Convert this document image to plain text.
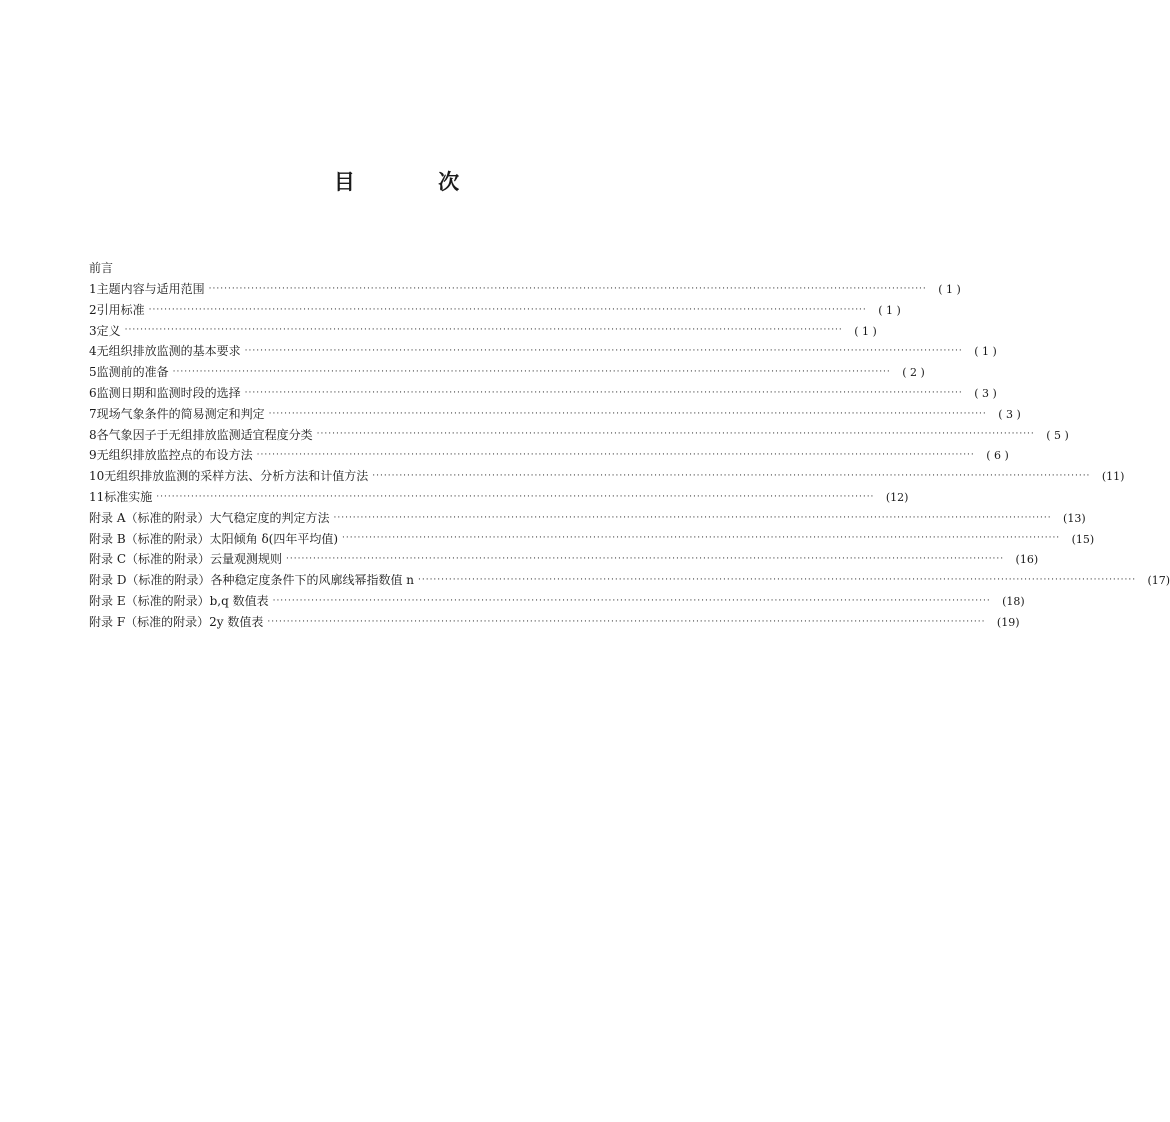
目 次
前言
1 主题内容与适用范围 ··························································································································································································	( 1 )
2 引用标准 ··························································································································································································	( 1 )
3 定义 ··························································································································································································	( 1 )
4 无组织排放监测的基本要求 ··························································································································································································	( 1 )
5 监测前的准备 ··························································································································································································	( 2 )
6 监测日期和监测时段的选择 ··························································································································································································	( 3 )
7 现场气象条件的简易测定和判定 ··························································································································································································	( 3 )
8 各气象因子于无组排放监测适宜程度分类 ··························································································································································································	( 5 )
9 无组织排放监控点的布设方法 ··························································································································································································	( 6 )
10 无组织排放监测的采样方法、分析方法和计值方法 ··························································································································································································	(11)
11 标准实施 ··························································································································································································	(12)
附录 A（标准的附录） 大气稳定度的判定方法 ··························································································································································································	(13)
附录 B（标准的附录） 太阳倾角 δ(四年平均值) ··························································································································································································	(15)
附录 C（标准的附录） 云量观测规则 ··························································································································································································	(16)
附录 D（标准的附录） 各种稳定度条件下的风廓线幂指数值 n ··························································································································································································	(17)
附录 E（标准的附录） b,q 数值表 ··························································································································································································	(18)
附录 F（标准的附录） 2y 数值表 ··························································································································································································	(19)
